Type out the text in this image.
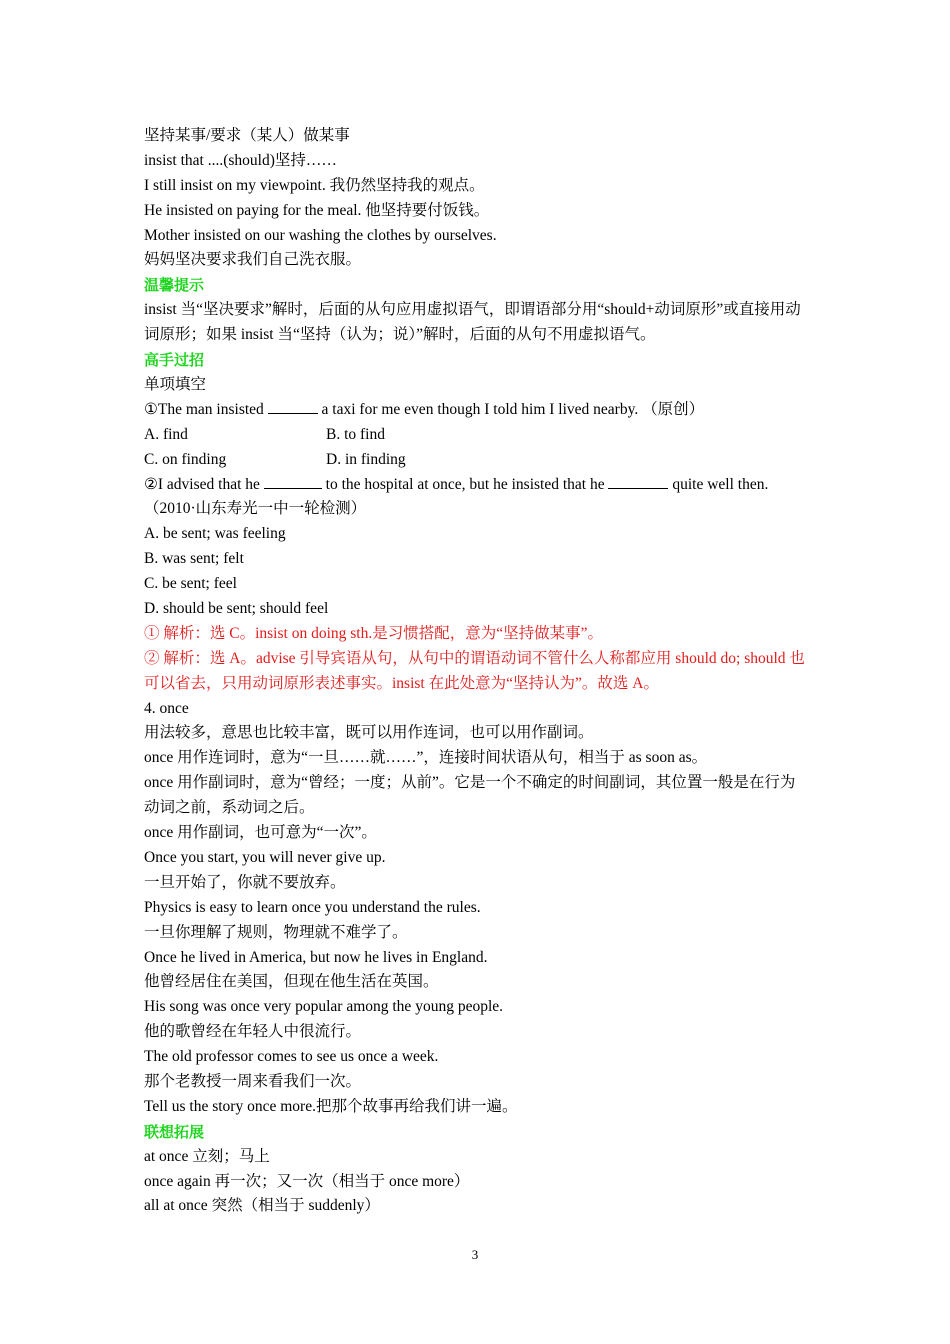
坚持某事/要求（某人）做某事
insist that ....(should)坚持……
I still insist on my viewpoint. 我仍然坚持我的观点。
He insisted on paying for the meal. 他坚持要付饭钱。
Mother insisted on our washing the clothes by ourselves.
妈妈坚决要求我们自己洗衣服。
温馨提示
insist 当“坚决要求”解时，后面的从句应用虚拟语气，即谓语部分用“should+动词原形”或直接用动词原形；如果 insist 当“坚持（认为；说）”解时，后面的从句不用虚拟语气。
高手过招
单项填空
①The man insisted	a taxi for me even though I told him I lived nearby. （原创）
A. find	B. to find
C. on finding	D. in finding
②I advised that he	to the hospital at once, but he insisted that he	quite well then.（2010·山东寿光一中一轮检测）
A. be sent; was feeling
B. was sent; felt
C. be sent; feel
D. should be sent; should feel
① 解析：选 C。insist on doing sth.是习惯搭配，意为“坚持做某事”。
② 解析：选 A。advise 引导宾语从句，从句中的谓语动词不管什么人称都应用 should do; should 也可以省去，只用动词原形表述事实。insist 在此处意为“坚持认为”。故选 A。
4. once
用法较多，意思也比较丰富，既可以用作连词，也可以用作副词。
once 用作连词时，意为“一旦……就……”，连接时间状语从句，相当于 as soon as。
once 用作副词时，意为“曾经；一度；从前”。它是一个不确定的时间副词，其位置一般是在行为动词之前，系动词之后。
once 用作副词，也可意为“一次”。
Once you start, you will never give up.
一旦开始了，你就不要放弃。
Physics is easy to learn once you understand the rules.
一旦你理解了规则，物理就不难学了。
Once he lived in America, but now he lives in England.
他曾经居住在美国，但现在他生活在英国。
His song was once very popular among the young people.
他的歌曾经在年轻人中很流行。
The old professor comes to see us once a week.
那个老教授一周来看我们一次。
Tell us the story once more.把那个故事再给我们讲一遍。
联想拓展
at once 立刻；马上
once again 再一次；又一次（相当于 once more）
all at once 突然（相当于 suddenly）
3
